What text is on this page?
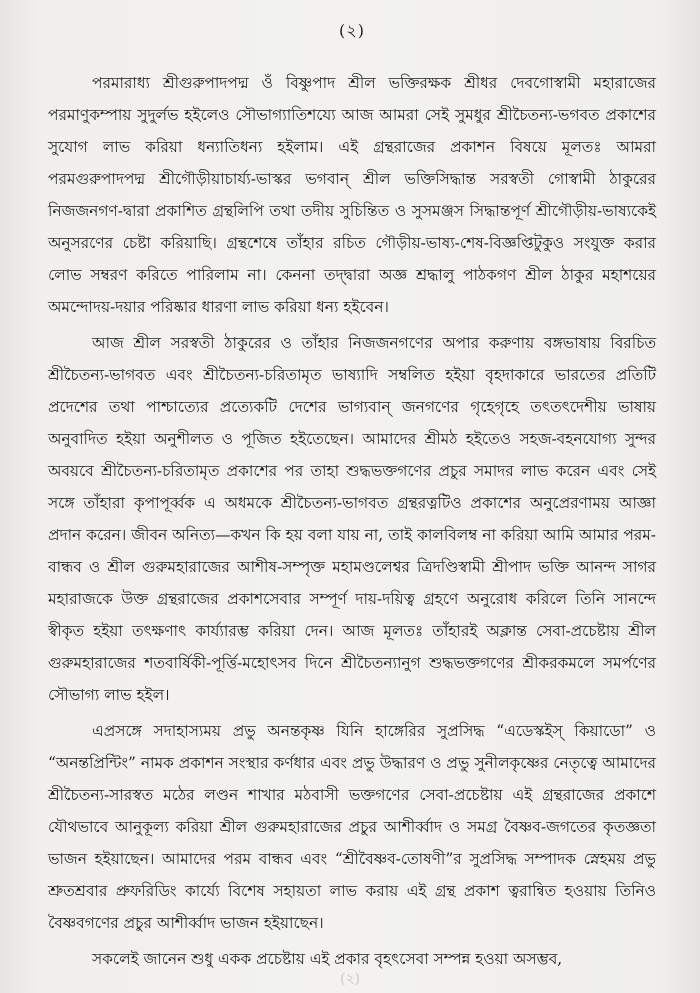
(২)

পরমারাধ্য শ্রীগুরুপাদপদ্ম ওঁ বিষ্ণুপাদ শ্রীল ভক্তিরক্ষক শ্রীধর দেবগোস্বামী মহারাজের পরমাণুকম্পায় সুদুর্লভ হইলেও সৌভাগ্যাতিশয্যে আজ আমরা সেই সুমধুর শ্রীচৈতন্য-ভগবত প্রকাশের সুযোগ লাভ করিয়া ধন্যাতিধন্য হইলাম। এই গ্রন্থরাজের প্রকাশন বিষয়ে মূলতঃ আমরা পরমগুরুপাদপদ্ম শ্রীগৌড়ীয়াচার্য্য-ভাস্কর ভগবান্ শ্রীল ভক্তিসিদ্ধান্ত সরস্বতী গোস্বামী ঠাকুরের নিজজনগণ-দ্বারা প্রকাশিত গ্রন্থলিপি তথা তদীয় সুচিন্তিত ও সুসমঞ্জস সিদ্ধান্তপূর্ণ শ্রীগৌড়ীয়-ভাষ্যকেই অনুসরণের চেষ্টা করিয়াছি। গ্রন্থশেষে তাঁহার রচিত গৌড়ীয়-ভাষ্য-শেষ-বিজ্ঞপ্তিটুকুও সংযুক্ত করার লোভ সম্বরণ করিতে পারিলাম না। কেননা তদ্দ্বারা অজ্ঞ শ্রদ্ধালু পাঠকগণ শ্রীল ঠাকুর মহাশয়ের অমন্দোদয়-দয়ার পরিষ্কার ধারণা লাভ করিয়া ধন্য হইবেন।

আজ শ্রীল সরস্বতী ঠাকুরের ও তাঁহার নিজজনগণের অপার করুণায় বঙ্গভাষায় বিরচিত শ্রীচৈতন্য-ভাগবত এবং শ্রীচৈতন্য-চরিতামৃত ভাষ্যাদি সম্বলিত হইয়া বৃহদাকারে ভারতের প্রতিটি প্রদেশের তথা পাশ্চাত্যের প্রত্যেকটি দেশের ভাগ্যবান্ জনগণের গৃহেগৃহে তৎতৎদেশীয় ভাষায় অনুবাদিত হইয়া অনুশীলত ও পূজিত হইতেছেন। আমাদের শ্রীমঠ হইতেও সহজ-বহনযোগ্য সুন্দর অবয়বে শ্রীচৈতন্য-চরিতামৃত প্রকাশের পর তাহা শুদ্ধভক্তগণের প্রচুর সমাদর লাভ করেন এবং সেই সঙ্গে তাঁহারা কৃপাপূর্ব্বক এ অধমকে শ্রীচৈতন্য-ভাগবত গ্রন্থরত্নটিও প্রকাশের অনুপ্রেরণাময় আজ্ঞা প্রদান করেন। জীবন অনিত্য—কখন কি হয় বলা যায় না, তাই কালবিলম্ব না করিয়া আমি আমার পরম-বান্ধব ও শ্রীল গুরুমহারাজের আশীষ-সম্পৃক্ত মহামণ্ডলেশ্বর ত্রিদণ্ডিস্বামী শ্রীপাদ ভক্তি আনন্দ সাগর মহারাজকে উক্ত গ্রন্থরাজের প্রকাশসেবার সম্পূর্ণ দায়-দয়িত্ব গ্রহণে অনুরোধ করিলে তিনি সানন্দে স্বীকৃত হইয়া তৎক্ষণাৎ কার্য্যারম্ভ করিয়া দেন। আজ মূলতঃ তাঁহারই অক্লান্ত সেবা-প্রচেষ্টায় শ্রীল গুরুমহারাজের শতবার্ষিকী-পূর্ত্তি-মহোৎসব দিনে শ্রীচৈতন্যানুগ শুদ্ধভক্তগণের শ্রীকরকমলে সমর্পণের সৌভাগ্য লাভ হইল।

এপ্রসঙ্গে সদাহাস্যময় প্রভু অনন্তকৃষ্ণ যিনি হাঙ্গেরির সুপ্রসিদ্ধ “এডেস্কইস্ কিয়াডো” ও “অনন্তপ্রিন্টিং” নামক প্রকাশন সংস্থার কর্ণধার এবং প্রভু উদ্ধারণ ও প্রভু সুনীলকৃষ্ণের নেতৃত্বে আমাদের শ্রীচৈতন্য-সারস্বত মঠের লণ্ডন শাখার মঠবাসী ভক্তগণের সেবা-প্রচেষ্টায় এই গ্রন্থরাজের প্রকাশে যৌথভাবে আনুকূল্য করিয়া শ্রীল গুরুমহারাজের প্রচুর আশীর্ব্বাদ ও সমগ্র বৈষ্ণব-জগতের কৃতজ্ঞতা ভাজন হইয়াছেন। আমাদের পরম বান্ধব এবং “শ্রীবৈষ্ণব-তোষণী”র সুপ্রসিদ্ধ সম্পাদক স্নেহময় প্রভু শ্রুতশ্রবার প্রুফরিডিং কার্য্যে বিশেষ সহায়তা লাভ করায় এই গ্রন্থ প্রকাশ ত্বরান্বিত হওয়ায় তিনিও বৈষ্ণবগণের প্রচুর আশীর্ব্বাদ ভাজন হইয়াছেন।

সকলেই জানেন শুধু একক প্রচেষ্টায় এই প্রকার বৃহৎসেবা সম্পন্ন হওয়া অসম্ভব,

(২)
